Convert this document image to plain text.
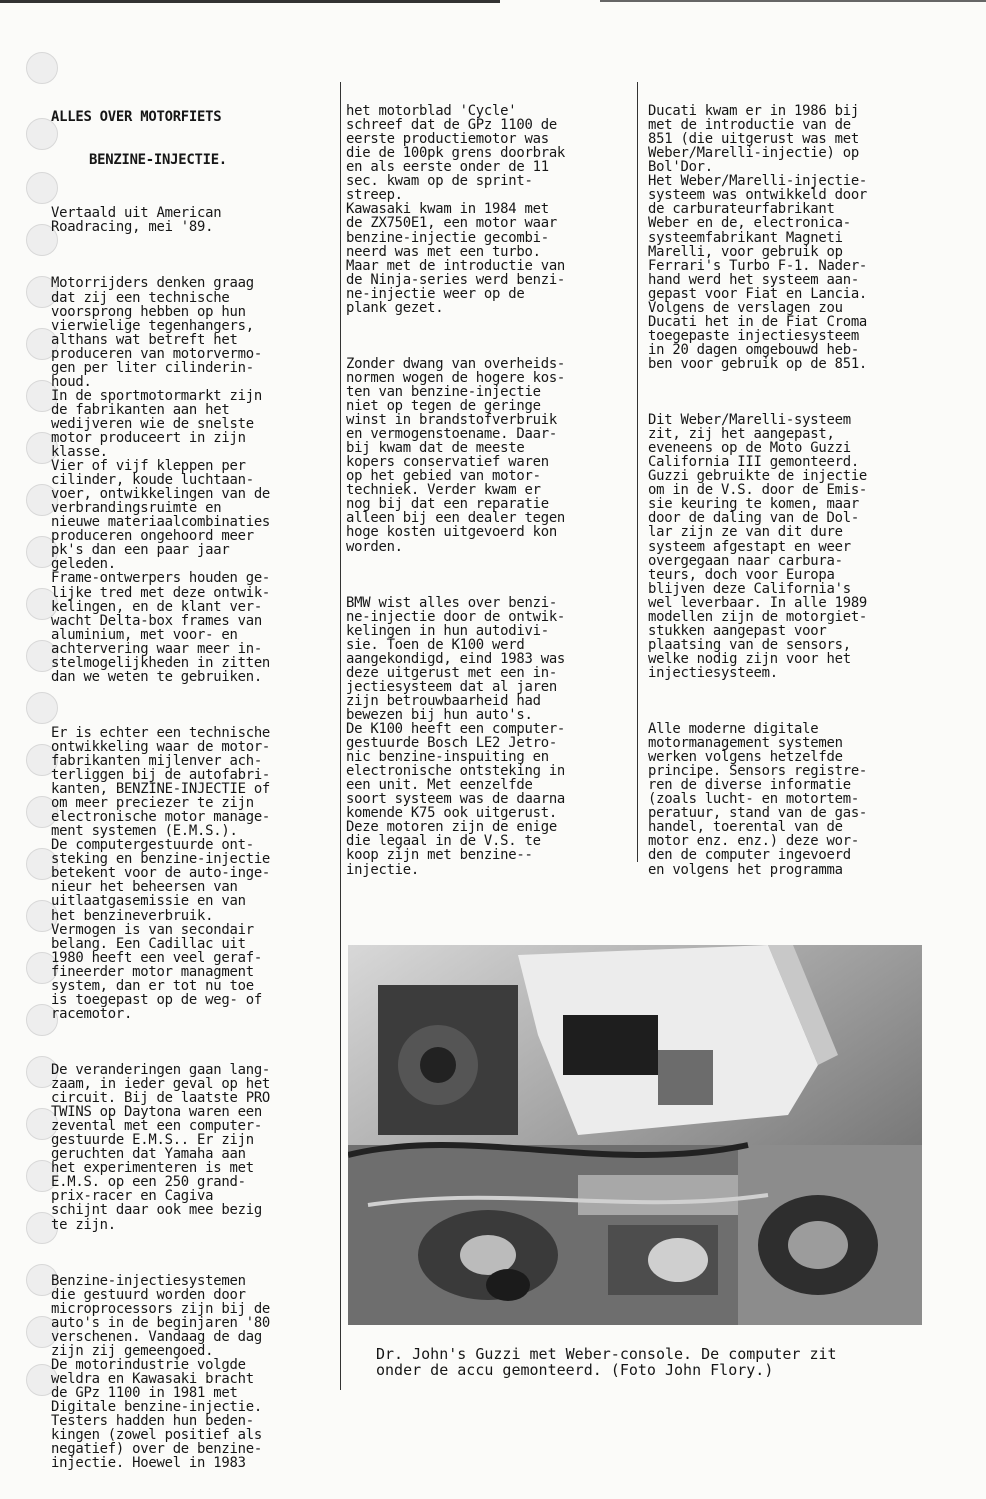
ALLES OVER MOTORFIETS

BENZINE-INJECTIE.

Vertaald uit American
Roadracing, mei '89.

Motorrijders denken graag
dat zij een technische
voorsprong hebben op hun
vierwielige tegenhangers,
althans wat betreft het
produceren van motorvermo-
gen per liter cilinderin-
houd.
In de sportmotormarkt zijn
de fabrikanten aan het
wedijveren wie de snelste
motor produceert in zijn
klasse.
Vier of vijf kleppen per
cilinder, koude luchtaan-
voer, ontwikkelingen van de
verbrandingsruimte en
nieuwe materiaalcombinaties
produceren ongehoord meer
pk's dan een paar jaar
geleden.
Frame-ontwerpers houden ge-
lijke tred met deze ontwik-
kelingen, en de klant ver-
wacht Delta-box frames van
aluminium, met voor- en
achtervering waar meer in-
stelmogelijkheden in zitten
dan we weten te gebruiken.

Er is echter een technische
ontwikkeling waar de motor-
fabrikanten mijlenver ach-
terliggen bij de autofabri-
kanten, BENZINE-INJECTIE of
om meer preciezer te zijn
electronische motor manage-
ment systemen (E.M.S.).
De computergestuurde ont-
steking en benzine-injectie
betekent voor de auto-inge-
nieur het beheersen van
uitlaatgasemissie en van
het benzineverbruik.
Vermogen is van secondair
belang. Een Cadillac uit
1980 heeft een veel geraf-
fineerder motor managment
system, dan er tot nu toe
is toegepast op de weg- of
racemotor.

De veranderingen gaan lang-
zaam, in ieder geval op het
circuit. Bij de laatste PRO
TWINS op Daytona waren een
zevental met een computer-
gestuurde E.M.S.. Er zijn
geruchten dat Yamaha aan
het experimenteren is met
E.M.S. op een 250 grand-
prix-racer en Cagiva
schijnt daar ook mee bezig
te zijn.

Benzine-injectiesystemen
die gestuurd worden door
microprocessors zijn bij de
auto's in de beginjaren '80
verschenen. Vandaag de dag
zijn zij gemeengoed.
De motorindustrie volgde
weldra en Kawasaki bracht
de GPz 1100 in 1981 met
Digitale benzine-injectie.
Testers hadden hun beden-
kingen (zowel positief als
negatief) over de benzine-
injectie. Hoewel in 1983

het motorblad 'Cycle'
schreef dat de GPz 1100 de
eerste productiemotor was
die de 100pk grens doorbrak
en als eerste onder de 11
sec. kwam op de sprint-
streep.
Kawasaki kwam in 1984 met
de ZX750E1, een motor waar
benzine-injectie gecombi-
neerd was met een turbo.
Maar met de introductie van
de Ninja-series werd benzi-
ne-injectie weer op de
plank gezet.

Zonder dwang van overheids-
normen wogen de hogere kos-
ten van benzine-injectie
niet op tegen de geringe
winst in brandstofverbruik
en vermogenstoename. Daar-
bij kwam dat de meeste
kopers conservatief waren
op het gebied van motor-
techniek. Verder kwam er
nog bij dat een reparatie
alleen bij een dealer tegen
hoge kosten uitgevoerd kon
worden.

BMW wist alles over benzi-
ne-injectie door de ontwik-
kelingen in hun autodivi-
sie. Toen de K100 werd
aangekondigd, eind 1983 was
deze uitgerust met een in-
jectiesysteem dat al jaren
zijn betrouwbaarheid had
bewezen bij hun auto's.
De K100 heeft een computer-
gestuurde Bosch LE2 Jetro-
nic benzine-inspuiting en
electronische ontsteking in
een unit. Met eenzelfde
soort systeem was de daarna
komende K75 ook uitgerust.
Deze motoren zijn de enige
die legaal in de V.S. te
koop zijn met benzine--
injectie.

Ducati kwam er in 1986 bij
met de introductie van de
851 (die uitgerust was met
Weber/Marelli-injectie) op
Bol'Dor.
Het Weber/Marelli-injectie-
systeem was ontwikkeld door
de carburateurfabrikant
Weber en de, electronica-
systeemfabrikant Magneti
Marelli, voor gebruik op
Ferrari's Turbo F-1. Nader-
hand werd het systeem aan-
gepast voor Fiat en Lancia.
Volgens de verslagen zou
Ducati het in de Fiat Croma
toegepaste injectiesysteem
in 20 dagen omgebouwd heb-
ben voor gebruik op de 851.

Dit Weber/Marelli-systeem
zit, zij het aangepast,
eveneens op de Moto Guzzi
California III gemonteerd.
Guzzi gebruikte de injectie
om in de V.S. door de Emis-
sie keuring te komen, maar
door de daling van de Dol-
lar zijn ze van dit dure
systeem afgestapt en weer
overgegaan naar carbura-
teurs, doch voor Europa
blijven deze California's
wel leverbaar. In alle 1989
modellen zijn de motorgiet-
stukken aangepast voor
plaatsing van de sensors,
welke nodig zijn voor het
injectiesysteem.

Alle moderne digitale
motormanagement systemen
werken volgens hetzelfde
principe. Sensors registre-
ren de diverse informatie
(zoals lucht- en motortem-
peratuur, stand van de gas-
handel, toerental van de
motor enz. enz.) deze wor-
den de computer ingevoerd
en volgens het programma

Dr. John's Guzzi met Weber-console. De computer zit
onder de accu gemonteerd. (Foto John Flory.)
